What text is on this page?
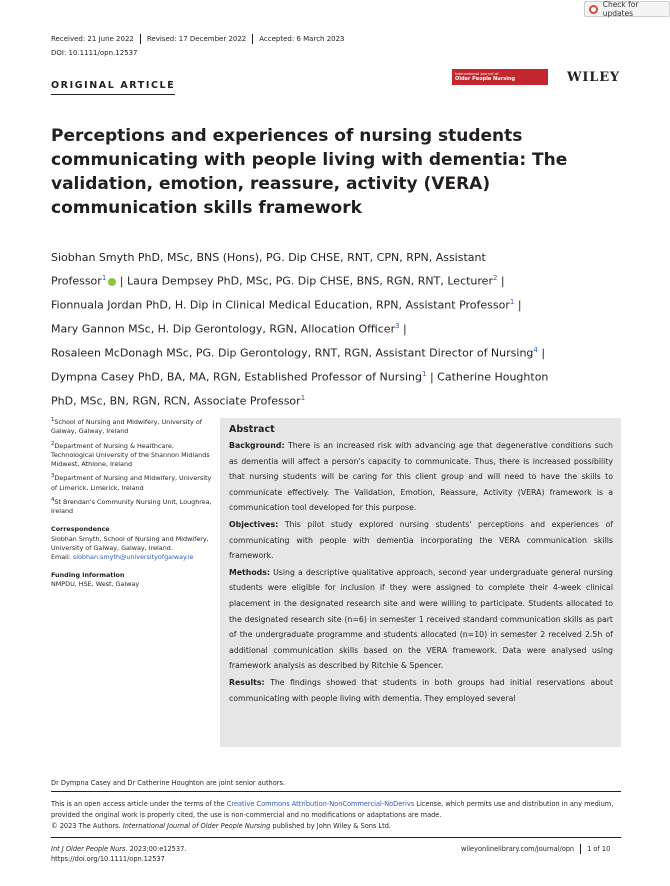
Check for updates
Received: 21 June 2022	Revised: 17 December 2022	Accepted: 6 March 2023
DOI: 10.1111/opn.12537
ORIGINAL ARTICLE
International Journal of
Older People Nursing	WILEY
Perceptions and experiences of nursing students communicating with people living with dementia: The validation, emotion, reassure, activity (VERA) communication skills framework

Siobhan Smyth PhD, MSc, BNS (Hons), PG. Dip CHSE, RNT, CPN, RPN, Assistant

Professor$^1$ | Laura Dempsey PhD, MSc, PG. Dip CHSE, BNS, RGN, RNT, Lecturer$^2$ |

Fionnuala Jordan PhD, H. Dip in Clinical Medical Education, RPN, Assistant Professor$^1$ |

Mary Gannon MSc, H. Dip Gerontology, RGN, Allocation Officer$^3$ |

Rosaleen McDonagh MSc, PG. Dip Gerontology, RNT, RGN, Assistant Director of Nursing$^4$ |

Dympna Casey PhD, BA, MA, RGN, Established Professor of Nursing$^1$ | Catherine Houghton

PhD, MSc, BN, RGN, RCN, Associate Professor$^1$

$^1$School of Nursing and Midwifery, University of Galway, Galway, Ireland
$^2$Department of Nursing & Healthcare, Technological University of the Shannon Midlands Midwest, Athlone, Ireland
$^3$Department of Nursing and Midwifery, University of Limerick, Limerick, Ireland
$^4$St Brendan's Community Nursing Unit, Loughrea, Ireland
Correspondence
Siobhan Smyth, School of Nursing and Midwifery, University of Galway, Galway, Ireland.
Email: siobhan.smyth@universityofgalway.ie
Funding information
NMPDU, HSE, West, Galway
Abstract

Background: There is an increased risk with advancing age that degenerative conditions such as dementia will affect a person's capacity to communicate. Thus, there is increased possibility that nursing students will be caring for this client group and will need to have the skills to communicate effectively. The Validation, Emotion, Reassure, Activity (VERA) framework is a communication tool developed for this purpose.

Objectives: This pilot study explored nursing students' perceptions and experiences of communicating with people with dementia incorporating the VERA communication skills framework.

Methods: Using a descriptive qualitative approach, second year undergraduate general nursing students were eligible for inclusion if they were assigned to complete their 4-week clinical placement in the designated research site and were willing to participate. Students allocated to the designated research site (n=6) in semester 1 received standard communication skills as part of the undergraduate programme and students allocated (n=10) in semester 2 received 2.5h of additional communication skills based on the VERA framework. Data were analysed using framework analysis as described by Ritchie & Spencer.

Results: The findings showed that students in both groups had initial reservations about communicating with people living with dementia. They employed several

Dr Dympna Casey and Dr Catherine Houghton are joint senior authors.
This is an open access article under the terms of the Creative Commons Attribution-NonCommercial-NoDerivs License, which permits use and distribution in any medium, provided the original work is properly cited, the use is non-commercial and no modifications or adaptations are made.
© 2023 The Authors. International Journal of Older People Nursing published by John Wiley & Sons Ltd.
Int J Older People Nurs. 2023;00:e12537.
https://doi.org/10.1111/opn.12537
wileyonlinelibrary.com/journal/opn	1 of 10
